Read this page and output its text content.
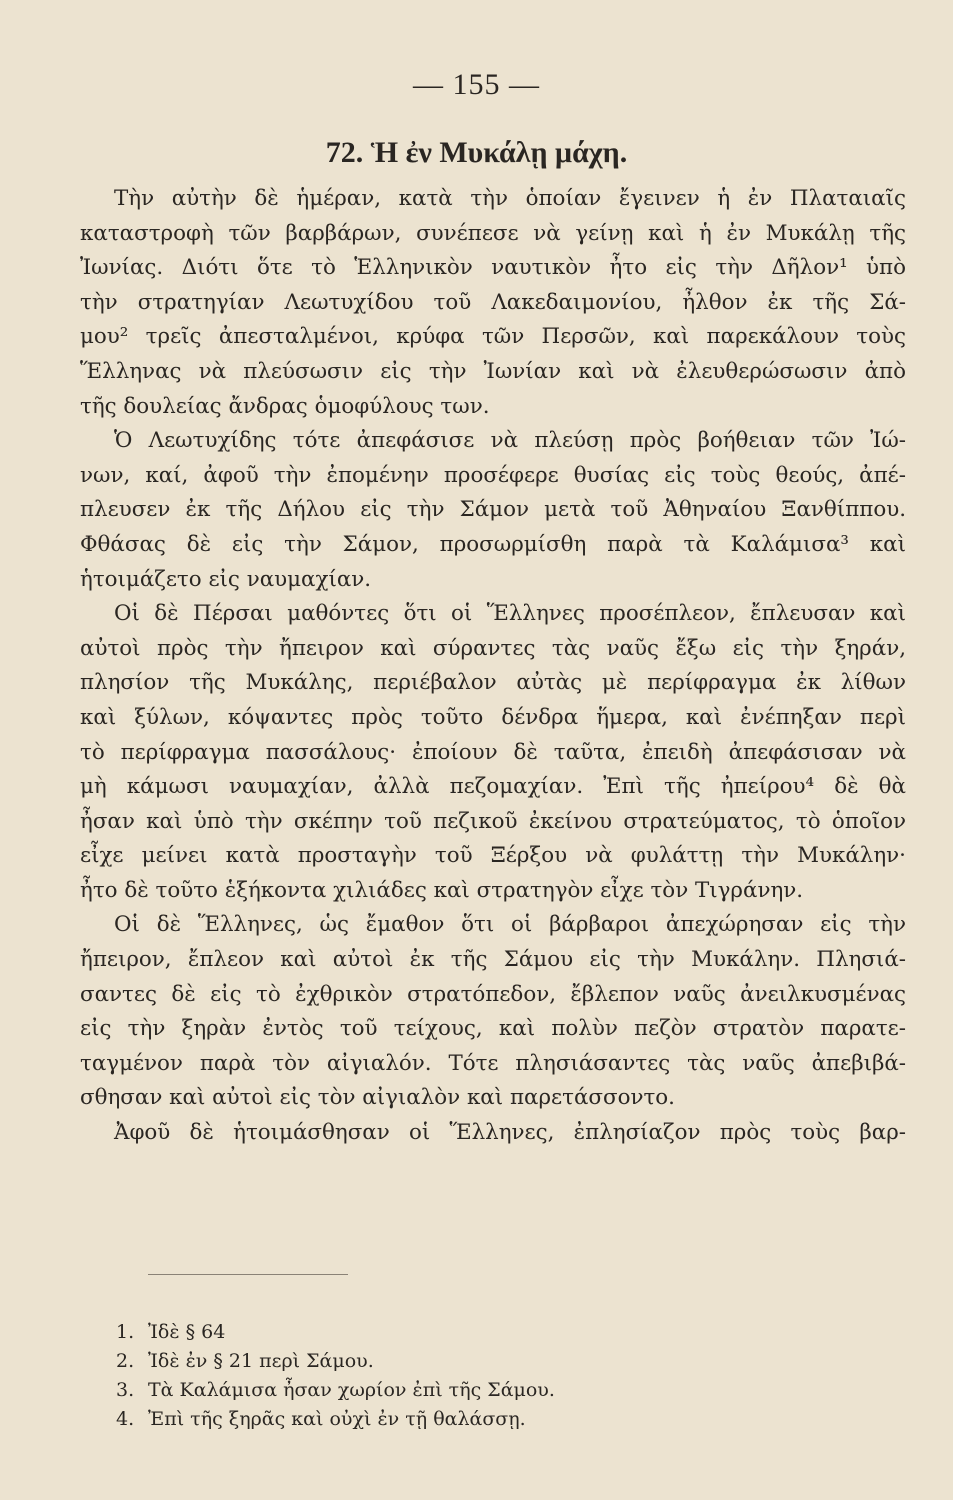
— 155 —
72. Ἡ ἐν Μυκάλῃ μάχη.
Τὴν αὐτὴν δὲ ἡμέραν, κατὰ τὴν ὁποίαν ἔγεινεν ἡ ἐν Πλαταιαῖς
καταστροφὴ τῶν βαρβάρων, συνέπεσε νὰ γείνῃ καὶ ἡ ἐν Μυκάλῃ τῆς
Ἰωνίας. Διότι ὅτε τὸ Ἑλληνικὸν ναυτικὸν ἦτο εἰς τὴν Δῆλον¹ ὑπὸ
τὴν στρατηγίαν Λεωτυχίδου τοῦ Λακεδαιμονίου, ἦλθον ἐκ τῆς Σά-
μου² τρεῖς ἀπεσταλμένοι, κρύφα τῶν Περσῶν, καὶ παρεκάλουν τοὺς
Ἕλληνας νὰ πλεύσωσιν εἰς τὴν Ἰωνίαν καὶ νὰ ἐλευθερώσωσιν ἀπὸ
τῆς δουλείας ἄνδρας ὁμοφύλους των.
Ὁ Λεωτυχίδης τότε ἀπεφάσισε νὰ πλεύσῃ πρὸς βοήθειαν τῶν Ἰώ-
νων, καί, ἀφοῦ τὴν ἐπομένην προσέφερε θυσίας εἰς τοὺς θεούς, ἀπέ-
πλευσεν ἐκ τῆς Δήλου εἰς τὴν Σάμον μετὰ τοῦ Ἀθηναίου Ξανθίππου.
Φθάσας δὲ εἰς τὴν Σάμον, προσωρμίσθη παρὰ τὰ Καλάμισα³ καὶ
ἡτοιμάζετο εἰς ναυμαχίαν.
Οἱ δὲ Πέρσαι μαθόντες ὅτι οἱ Ἕλληνες προσέπλεον, ἔπλευσαν καὶ
αὐτοὶ πρὸς τὴν ἤπειρον καὶ σύραντες τὰς ναῦς ἔξω εἰς τὴν ξηράν,
πλησίον τῆς Μυκάλης, περιέβαλον αὐτὰς μὲ περίφραγμα ἐκ λίθων
καὶ ξύλων, κόψαντες πρὸς τοῦτο δένδρα ἥμερα, καὶ ἐνέπηξαν περὶ
τὸ περίφραγμα πασσάλους· ἐποίουν δὲ ταῦτα, ἐπειδὴ ἀπεφάσισαν νὰ
μὴ κάμωσι ναυμαχίαν, ἀλλὰ πεζομαχίαν. Ἐπὶ τῆς ἠπείρου⁴ δὲ θὰ
ἦσαν καὶ ὑπὸ τὴν σκέπην τοῦ πεζικοῦ ἐκείνου στρατεύματος, τὸ ὁποῖον
εἶχε μείνει κατὰ προσταγὴν τοῦ Ξέρξου νὰ φυλάττῃ τὴν Μυκάλην·
ἦτο δὲ τοῦτο ἑξήκοντα χιλιάδες καὶ στρατηγὸν εἶχε τὸν Τιγράνην.
Οἱ δὲ Ἕλληνες, ὡς ἔμαθον ὅτι οἱ βάρβαροι ἀπεχώρησαν εἰς τὴν
ἤπειρον, ἔπλεον καὶ αὐτοὶ ἐκ τῆς Σάμου εἰς τὴν Μυκάλην. Πλησιά-
σαντες δὲ εἰς τὸ ἐχθρικὸν στρατόπεδον, ἔβλεπον ναῦς ἀνειλκυσμένας
εἰς τὴν ξηρὰν ἐντὸς τοῦ τείχους, καὶ πολὺν πεζὸν στρατὸν παρατε-
ταγμένον παρὰ τὸν αἰγιαλόν. Τότε πλησιάσαντες τὰς ναῦς ἀπεβιβά-
σθησαν καὶ αὐτοὶ εἰς τὸν αἰγιαλὸν καὶ παρετάσσοντο.
Ἀφοῦ δὲ ἡτοιμάσθησαν οἱ Ἕλληνες, ἐπλησίαζον πρὸς τοὺς βαρ-
1. Ἰδὲ § 64
2. Ἰδὲ ἐν § 21 περὶ Σάμου.
3. Τὰ Καλάμισα ἦσαν χωρίον ἐπὶ τῆς Σάμου.
4. Ἐπὶ τῆς ξηρᾶς καὶ οὐχὶ ἐν τῇ θαλάσσῃ.
